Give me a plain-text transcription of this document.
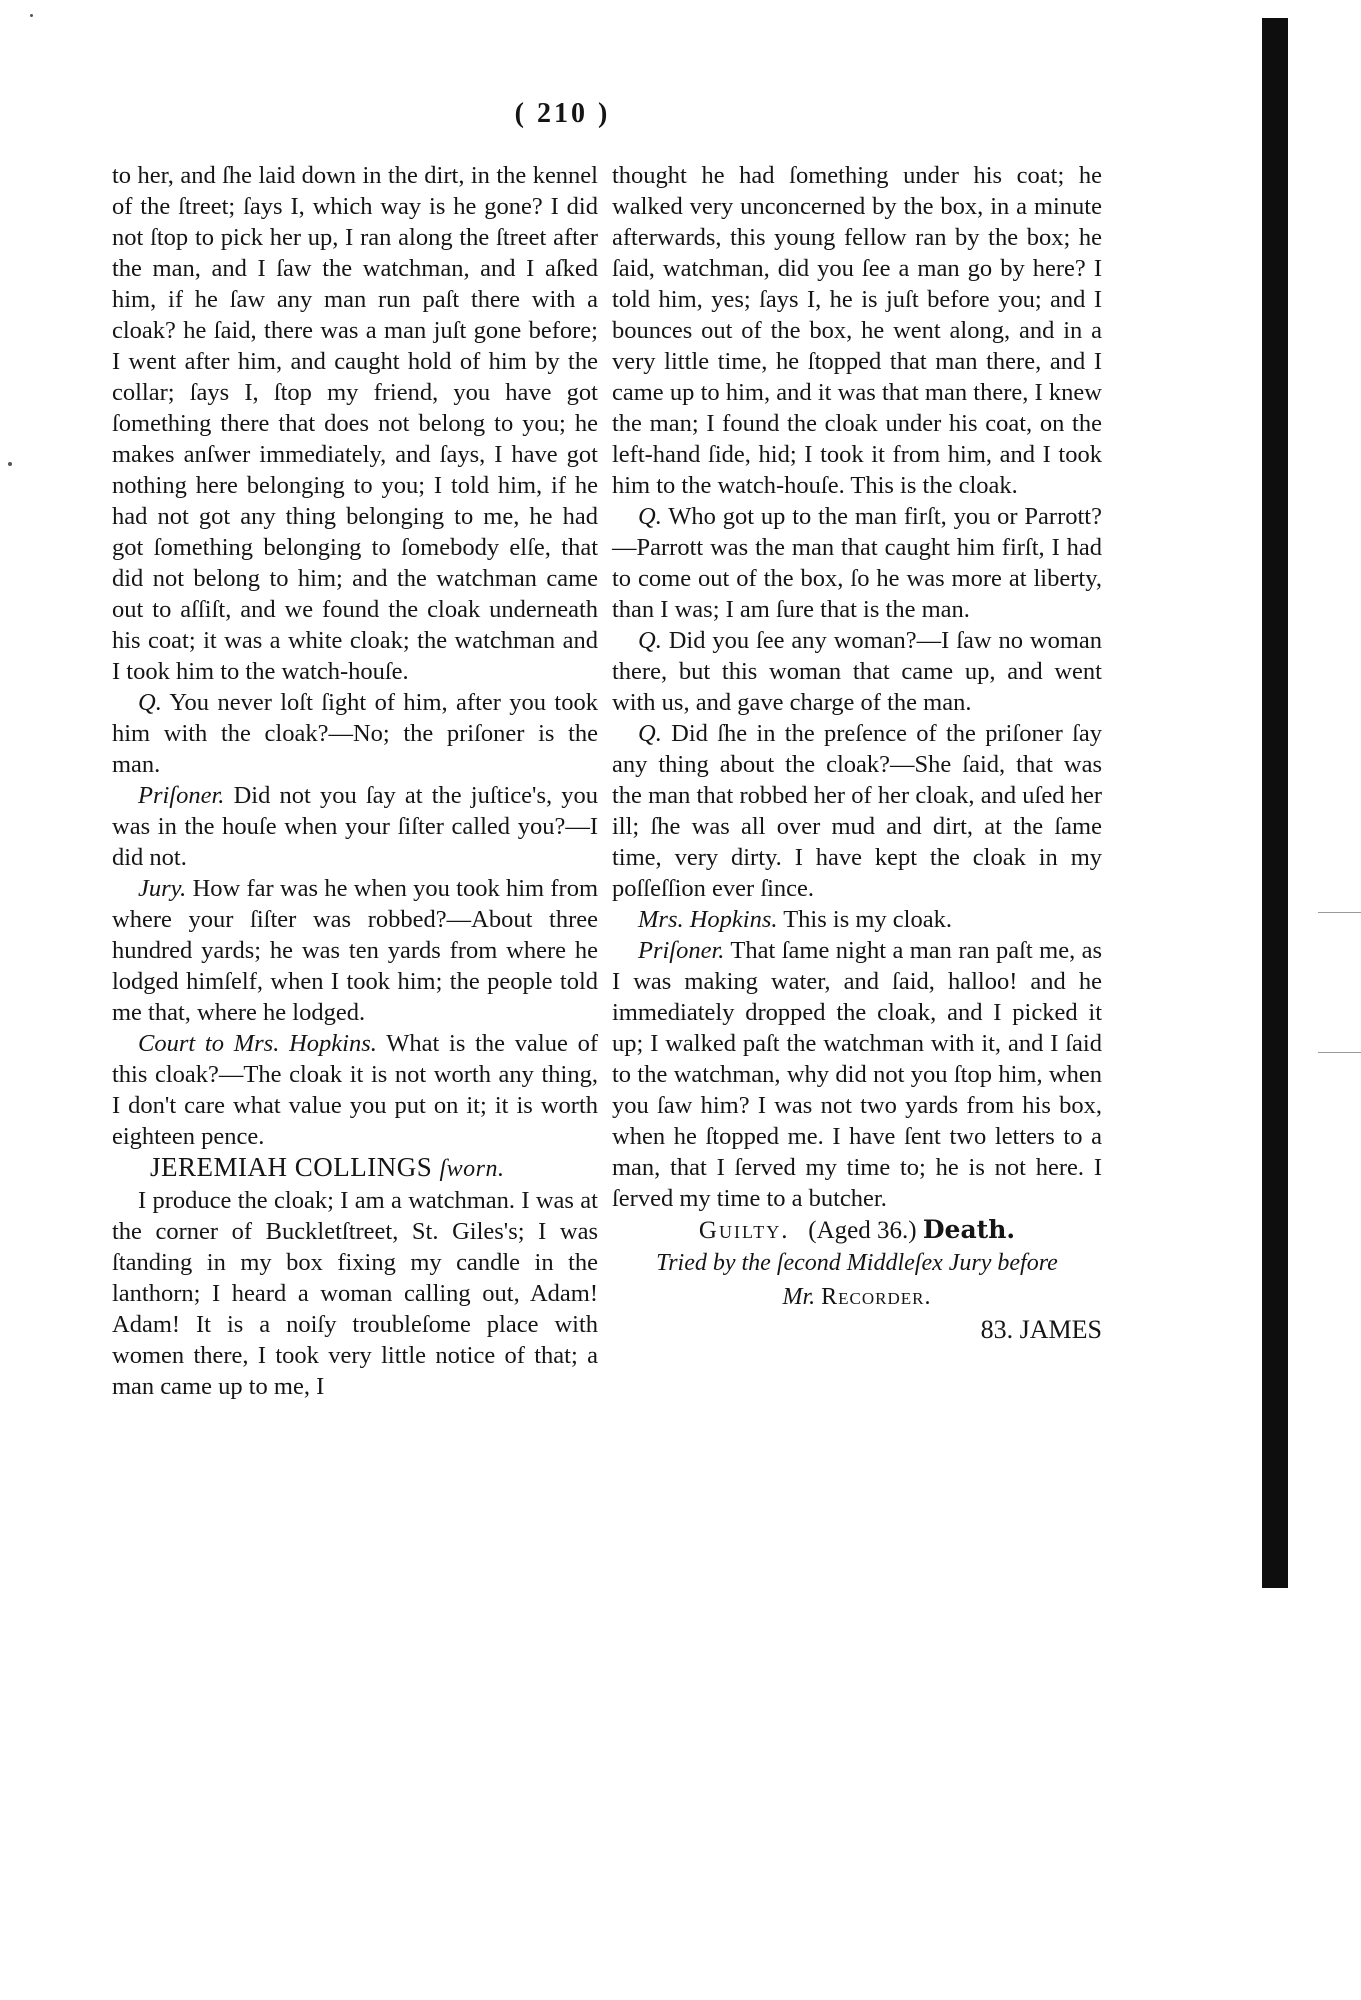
( 210 )

to her, and ſhe laid down in the dirt, in the kennel of the ſtreet; ſays I, which way is he gone? I did not ſtop to pick her up, I ran along the ſtreet after the man, and I ſaw the watchman, and I aſked him, if he ſaw any man run paſt there with a cloak? he ſaid, there was a man juſt gone before; I went after him, and caught hold of him by the collar; ſays I, ſtop my friend, you have got ſomething there that does not belong to you; he makes anſwer immediately, and ſays, I have got nothing here belonging to you; I told him, if he had not got any thing belonging to me, he had got ſomething belonging to ſomebody elſe, that did not belong to him; and the watchman came out to aſſiſt, and we found the cloak underneath his coat; it was a white cloak; the watchman and I took him to the watch-houſe.

Q. You never loſt ſight of him, after you took him with the cloak?—No; the priſoner is the man.

Priſoner. Did not you ſay at the juſtice's, you was in the houſe when your ſiſter called you?—I did not.

Jury. How far was he when you took him from where your ſiſter was robbed?—About three hundred yards; he was ten yards from where he lodged himſelf, when I took him; the people told me that, where he lodged.

Court to Mrs. Hopkins. What is the value of this cloak?—The cloak it is not worth any thing, I don't care what value you put on it; it is worth eighteen pence.

JEREMIAH COLLINGS ſworn.

I produce the cloak; I am a watchman. I was at the corner of Buckletſtreet, St. Giles's; I was ſtanding in my box fixing my candle in the lanthorn; I heard a woman calling out, Adam! Adam! It is a noiſy troubleſome place with women there, I took very little notice of that; a man came up to me, I

thought he had ſomething under his coat; he walked very unconcerned by the box, in a minute afterwards, this young fellow ran by the box; he ſaid, watchman, did you ſee a man go by here? I told him, yes; ſays I, he is juſt before you; and I bounces out of the box, he went along, and in a very little time, he ſtopped that man there, and I came up to him, and it was that man there, I knew the man; I found the cloak under his coat, on the left-hand ſide, hid; I took it from him, and I took him to the watch-houſe. This is the cloak.

Q. Who got up to the man firſt, you or Parrott?—Parrott was the man that caught him firſt, I had to come out of the box, ſo he was more at liberty, than I was; I am ſure that is the man.

Q. Did you ſee any woman?—I ſaw no woman there, but this woman that came up, and went with us, and gave charge of the man.

Q. Did ſhe in the preſence of the priſoner ſay any thing about the cloak?—She ſaid, that was the man that robbed her of her cloak, and uſed her ill; ſhe was all over mud and dirt, at the ſame time, very dirty. I have kept the cloak in my poſſeſſion ever ſince.

Mrs. Hopkins. This is my cloak.

Priſoner. That ſame night a man ran paſt me, as I was making water, and ſaid, halloo! and he immediately dropped the cloak, and I picked it up; I walked paſt the watchman with it, and I ſaid to the watchman, why did not you ſtop him, when you ſaw him? I was not two yards from his box, when he ſtopped me. I have ſent two letters to a man, that I ſerved my time to; he is not here. I ſerved my time to a butcher.

Guilty. (Aged 36.) Death.

Tried by the ſecond Middleſex Jury before
Mr. Recorder.

83. JAMES
